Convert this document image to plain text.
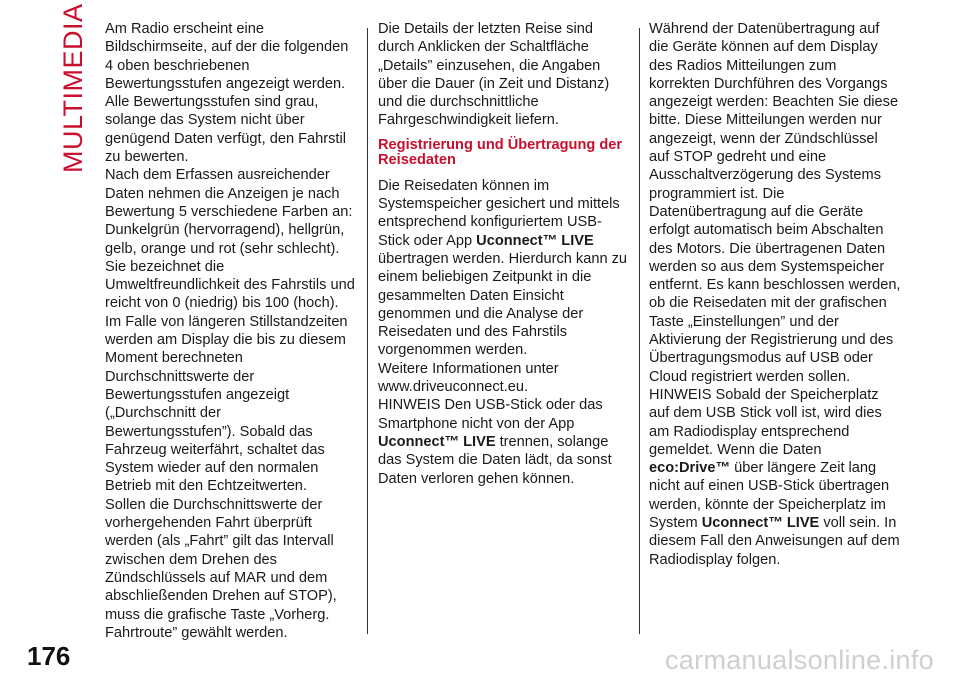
MULTIMEDIA Am Radio erscheint eine Bildschirmseite, auf der die folgenden 4 oben beschriebenen Bewertungsstufen angezeigt werden. Alle Bewertungsstufen sind grau, solange das System nicht über genügend Daten verfügt, den Fahrstil zu bewerten.

Nach dem Erfassen ausreichender Daten nehmen die Anzeigen je nach Bewertung 5 verschiedene Farben an: Dunkelgrün (hervorragend), hellgrün, gelb, orange und rot (sehr schlecht).

Sie bezeichnet die Umweltfreundlichkeit des Fahrstils und reicht von 0 (niedrig) bis 100 (hoch).

Im Falle von längeren Stillstandzeiten werden am Display die bis zu diesem Moment berechneten Durchschnittswerte der Bewertungsstufen angezeigt („Durchschnitt der Bewertungsstufen”). Sobald das Fahrzeug weiterfährt, schaltet das System wieder auf den normalen Betrieb mit den Echtzeitwerten.

Sollen die Durchschnittswerte der vorhergehenden Fahrt überprüft werden (als „Fahrt” gilt das Intervall zwischen dem Drehen des Zündschlüssels auf MAR und dem abschließenden Drehen auf STOP), muss die grafische Taste „Vorherg. Fahrtroute” gewählt werden.

Die Details der letzten Reise sind durch Anklicken der Schaltfläche „Details” einzusehen, die Angaben über die Dauer (in Zeit und Distanz) und die durchschnittliche Fahrgeschwindigkeit liefern.

Registrierung und Übertragung der Reisedaten

Die Reisedaten können im Systemspeicher gesichert und mittels entsprechend konfiguriertem USB-Stick oder App Uconnect™ LIVE übertragen werden. Hierdurch kann zu einem beliebigen Zeitpunkt in die gesammelten Daten Einsicht genommen und die Analyse der Reisedaten und des Fahrstils vorgenommen werden.

Weitere Informationen unter www.driveuconnect.eu.

HINWEIS Den USB-Stick oder das Smartphone nicht von der App Uconnect™ LIVE trennen, solange das System die Daten lädt, da sonst Daten verloren gehen können.

Während der Datenübertragung auf die Geräte können auf dem Display des Radios Mitteilungen zum korrekten Durchführen des Vorgangs angezeigt werden: Beachten Sie diese bitte. Diese Mitteilungen werden nur angezeigt, wenn der Zündschlüssel auf STOP gedreht und eine Ausschaltverzögerung des Systems programmiert ist. Die Datenübertragung auf die Geräte erfolgt automatisch beim Abschalten des Motors. Die übertragenen Daten werden so aus dem Systemspeicher entfernt. Es kann beschlossen werden, ob die Reisedaten mit der grafischen Taste „Einstellungen” und der Aktivierung der Registrierung und des Übertragungsmodus auf USB oder Cloud registriert werden sollen.

HINWEIS Sobald der Speicherplatz auf dem USB Stick voll ist, wird dies am Radiodisplay entsprechend gemeldet. Wenn die Daten eco:Drive™ über längere Zeit lang nicht auf einen USB-Stick übertragen werden, könnte der Speicherplatz im System Uconnect™ LIVE voll sein. In diesem Fall den Anweisungen auf dem Radiodisplay folgen.

176	carmanualsonline.info
